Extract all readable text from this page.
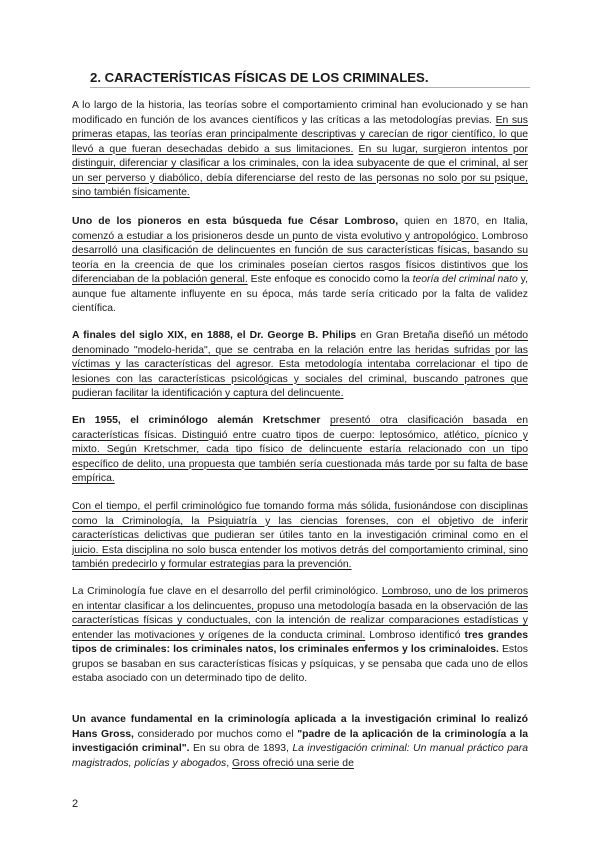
2. CARACTERÍSTICAS FÍSICAS DE LOS CRIMINALES.
A lo largo de la historia, las teorías sobre el comportamiento criminal han evolucionado y se han modificado en función de los avances científicos y las críticas a las metodologías previas. En sus primeras etapas, las teorías eran principalmente descriptivas y carecían de rigor científico, lo que llevó a que fueran desechadas debido a sus limitaciones. En su lugar, surgieron intentos por distinguir, diferenciar y clasificar a los criminales, con la idea subyacente de que el criminal, al ser un ser perverso y diabólico, debía diferenciarse del resto de las personas no solo por su psique, sino también físicamente.
Uno de los pioneros en esta búsqueda fue César Lombroso, quien en 1870, en Italia, comenzó a estudiar a los prisioneros desde un punto de vista evolutivo y antropológico. Lombroso desarrolló una clasificación de delincuentes en función de sus características físicas, basando su teoría en la creencia de que los criminales poseían ciertos rasgos físicos distintivos que los diferenciaban de la población general. Este enfoque es conocido como la teoría del criminal nato y, aunque fue altamente influyente en su época, más tarde sería criticado por la falta de validez científica.
A finales del siglo XIX, en 1888, el Dr. George B. Philips en Gran Bretaña diseñó un método denominado "modelo-herida", que se centraba en la relación entre las heridas sufridas por las víctimas y las características del agresor. Esta metodología intentaba correlacionar el tipo de lesiones con las características psicológicas y sociales del criminal, buscando patrones que pudieran facilitar la identificación y captura del delincuente.
En 1955, el criminólogo alemán Kretschmer presentó otra clasificación basada en características físicas. Distinguió entre cuatro tipos de cuerpo: leptosómico, atlético, pícnico y mixto. Según Kretschmer, cada tipo físico de delincuente estaría relacionado con un tipo específico de delito, una propuesta que también sería cuestionada más tarde por su falta de base empírica.
Con el tiempo, el perfil criminológico fue tomando forma más sólida, fusionándose con disciplinas como la Criminología, la Psiquiatría y las ciencias forenses, con el objetivo de inferir características delictivas que pudieran ser útiles tanto en la investigación criminal como en el juicio. Esta disciplina no solo busca entender los motivos detrás del comportamiento criminal, sino también predecirlo y formular estrategias para la prevención.
La Criminología fue clave en el desarrollo del perfil criminológico. Lombroso, uno de los primeros en intentar clasificar a los delincuentes, propuso una metodología basada en la observación de las características físicas y conductuales, con la intención de realizar comparaciones estadísticas y entender las motivaciones y orígenes de la conducta criminal. Lombroso identificó tres grandes tipos de criminales: los criminales natos, los criminales enfermos y los criminaloides. Estos grupos se basaban en sus características físicas y psíquicas, y se pensaba que cada uno de ellos estaba asociado con un determinado tipo de delito.
Un avance fundamental en la criminología aplicada a la investigación criminal lo realizó Hans Gross, considerado por muchos como el "padre de la aplicación de la criminología a la investigación criminal". En su obra de 1893, La investigación criminal: Un manual práctico para magistrados, policías y abogados, Gross ofreció una serie de
2
